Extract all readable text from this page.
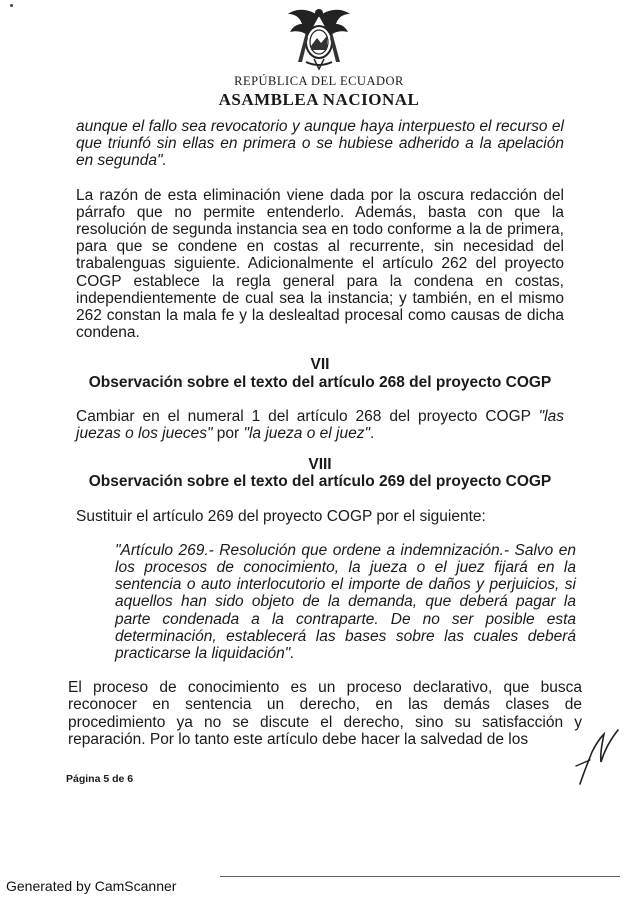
REPÚBLICA DEL ECUADOR
ASAMBLEA NACIONAL

aunque el fallo sea revocatorio y aunque haya interpuesto el recurso el que triunfó sin ellas en primera o se hubiese adherido a la apelación en segunda".

La razón de esta eliminación viene dada por la oscura redacción del párrafo que no permite entenderlo. Además, basta con que la resolución de segunda instancia sea en todo conforme a la de primera, para que se condene en costas al recurrente, sin necesidad del trabalenguas siguiente. Adicionalmente el artículo 262 del proyecto COGP establece la regla general para la condena en costas, independientemente de cual sea la instancia; y también, en el mismo 262 constan la mala fe y la deslealtad procesal como causas de dicha condena.

VII

Observación sobre el texto del artículo 268 del proyecto COGP

Cambiar en el numeral 1 del artículo 268 del proyecto COGP "las juezas o los jueces" por "la jueza o el juez".

VIII

Observación sobre el texto del artículo 269 del proyecto COGP

Sustituir el artículo 269 del proyecto COGP por el siguiente:

"Artículo 269.- Resolución que ordene a indemnización.- Salvo en los procesos de conocimiento, la jueza o el juez fijará en la sentencia o auto interlocutorio el importe de daños y perjuicios, si aquellos han sido objeto de la demanda, que deberá pagar la parte condenada a la contraparte. De no ser posible esta determinación, establecerá las bases sobre las cuales deberá practicarse la liquidación".

El proceso de conocimiento es un proceso declarativo, que busca reconocer en sentencia un derecho, en las demás clases de procedimiento ya no se discute el derecho, sino su satisfacción y reparación. Por lo tanto este artículo debe hacer la salvedad de los

Página 5 de 6
Generated by CamScanner
